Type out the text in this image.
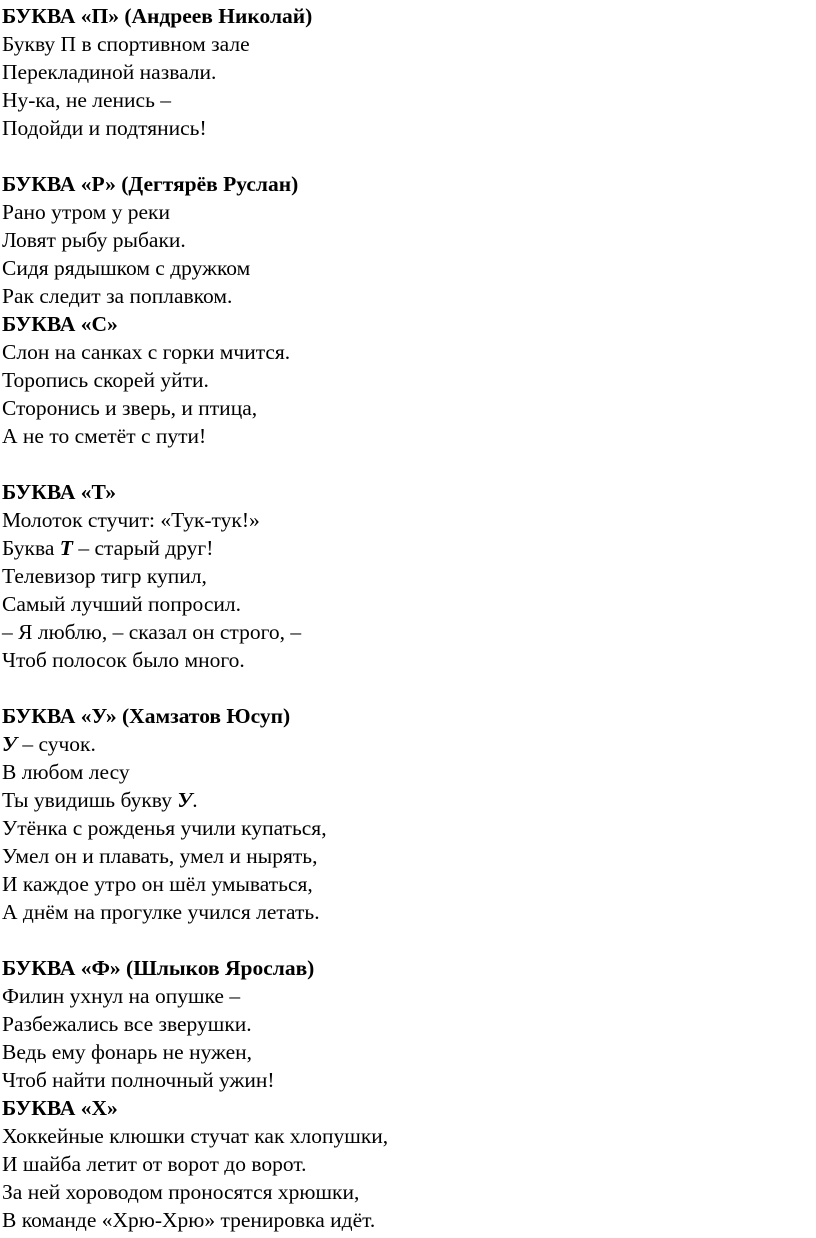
БУКВА «П» (Андреев Николай)
Букву П в спортивном зале
Перекладиной назвали.
Ну-ка, не ленись –
Подойди и подтянись!
БУКВА «Р» (Дегтярёв Руслан)
Рано утром у реки
Ловят рыбу рыбаки.
Сидя рядышком с дружком
Рак следит за поплавком.
БУКВА «С»
Слон на санках с горки мчится.
Торопись скорей уйти.
Сторонись и зверь, и птица,
А не то сметёт с пути!
БУКВА «Т»
Молоток стучит: «Тук-тук!»
Буква Т – старый друг!
Телевизор тигр купил,
Самый лучший попросил.
– Я люблю, – сказал он строго, –
Чтоб полосок было много.
БУКВА «У» (Хамзатов Юсуп)
У – сучок.
В любом лесу
Ты увидишь букву У.
Утёнка с рожденья учили купаться,
Умел он и плавать, умел и нырять,
И каждое утро он шёл умываться,
А днём на прогулке учился летать.
БУКВА «Ф» (Шлыков Ярослав)
Филин ухнул на опушке –
Разбежались все зверушки.
Ведь ему фонарь не нужен,
Чтоб найти полночный ужин!
БУКВА «Х»
Хоккейные клюшки стучат как хлопушки,
И шайба летит от ворот до ворот.
За ней хороводом проносятся хрюшки,
В команде «Хрю-Хрю» тренировка идёт.
